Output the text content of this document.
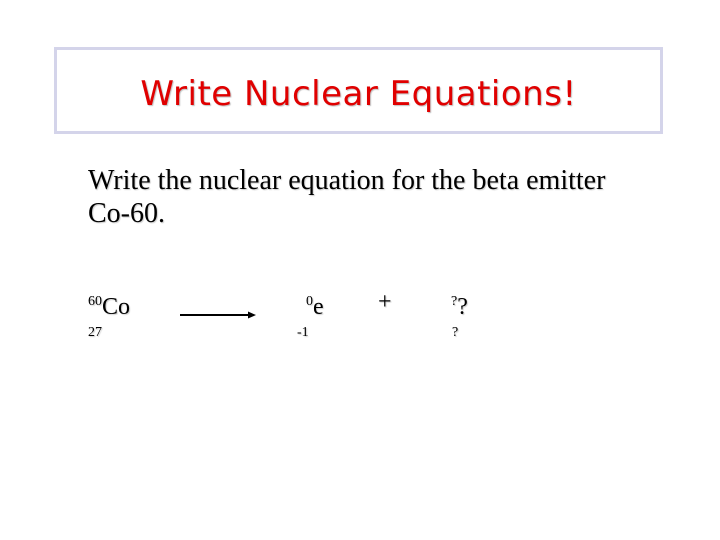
Write Nuclear Equations!
Write the nuclear equation for the beta emitter Co-60.
$^{60}$Co
27
$^0$e
-1
+	??
?
